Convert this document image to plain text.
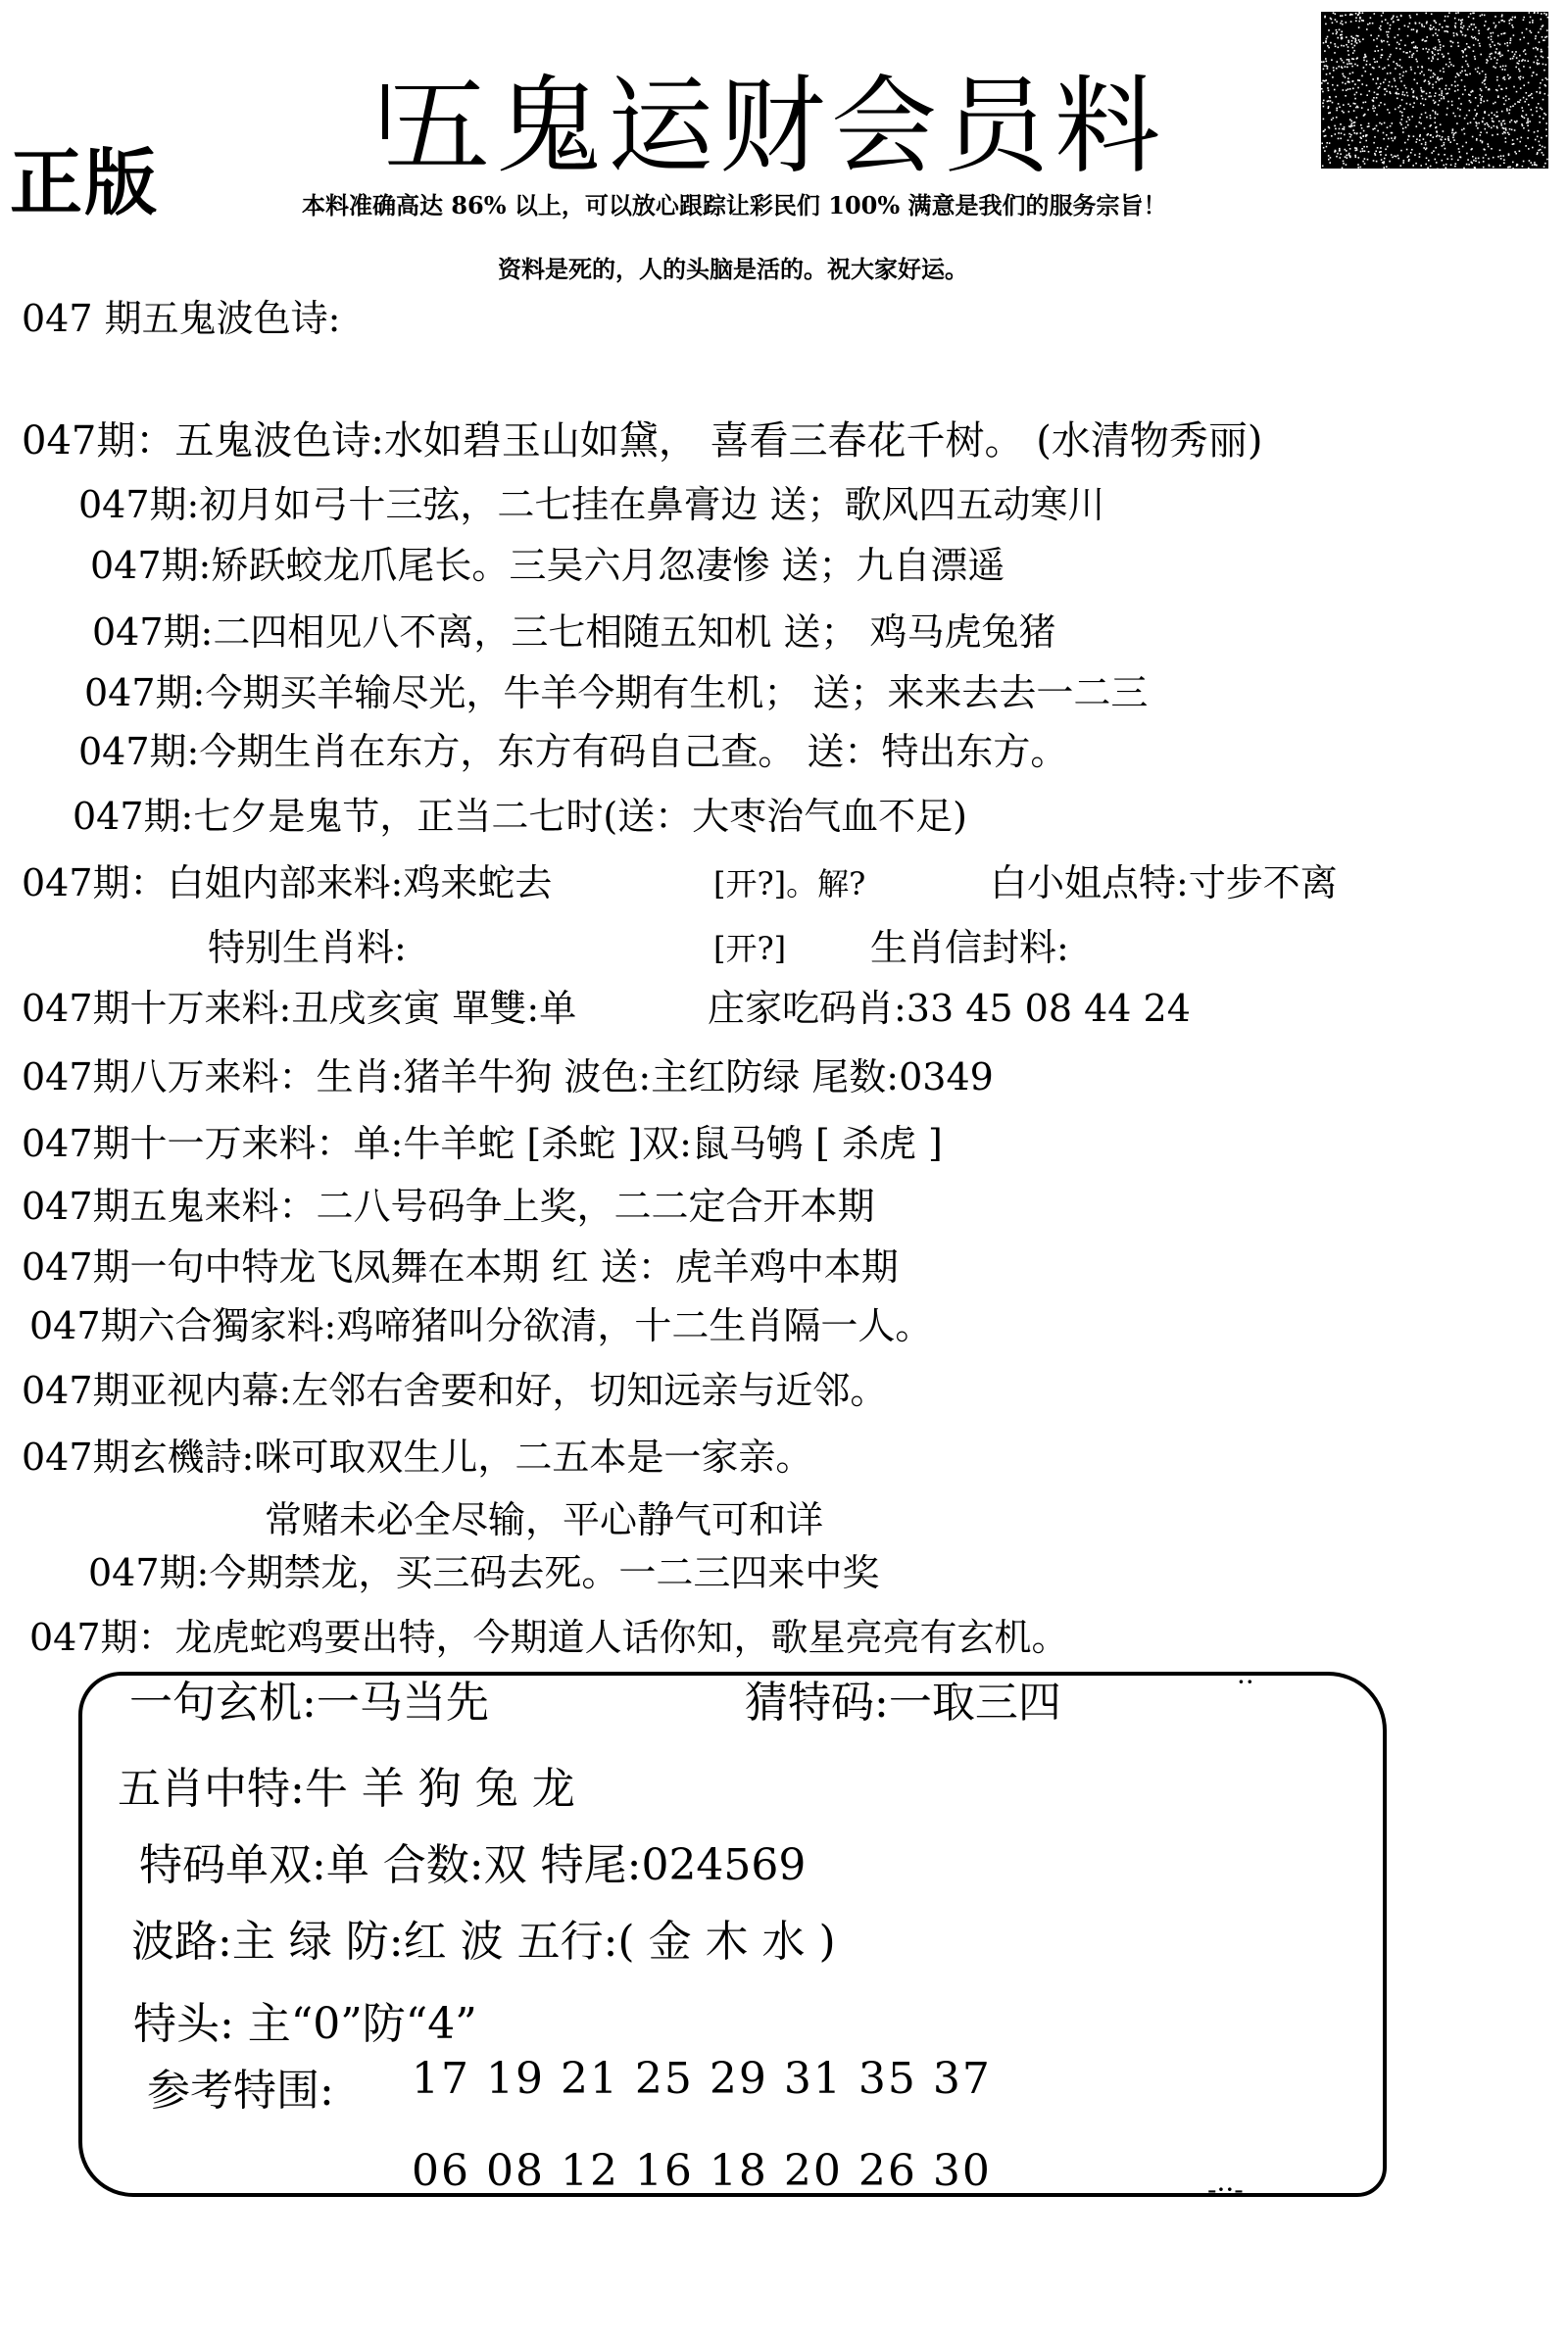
正版 五鬼运财会员料
本料准确高达 86% 以上，可以放心跟踪让彩民们 100% 满意是我们的服务宗旨！
资料是死的，人的头脑是活的。祝大家好运。
047 期五鬼波色诗:
047期：五鬼波色诗:水如碧玉山如黛， 喜看三春花千树。 (水清物秀丽)
047期:初月如弓十三弦，二七挂在鼻膏边 送；歌风四五动寒川
047期:矫跃蛟龙爪尾长。三吴六月忽凄惨 送；九自漂遥
047期:二四相见八不离，三七相随五知机 送； 鸡马虎兔猪
047期:今期买羊输尽光，牛羊今期有生机； 送；来来去去一二三
047期:今期生肖在东方，东方有码自己查。 送：特出东方。
047期:七夕是鬼节，正当二七时(送：大枣治气血不足)
047期：白姐内部来料:鸡来蛇去	[开?]。解?	白小姐点特:寸步不离
特别生肖料:	[开?] 生肖信封料:
047期十万来料:丑戌亥寅 單雙:单	庄家吃码肖:33 45 08 44 24
047期八万来料：生肖:猪羊牛狗 波色:主红防绿 尾数:0349
047期十一万来料：单:牛羊蛇 [杀蛇 ]双:鼠马鸲 [ 杀虎 ]
047期五鬼来料：二八号码争上奖，二二定合开本期
047期一句中特龙飞凤舞在本期 红 送：虎羊鸡中本期
047期六合獨家料:鸡啼猪叫分欲清，十二生肖隔一人。
047期亚视内幕:左邻右舍要和好，切知远亲与近邻。
047期玄機詩:咪可取双生儿，二五本是一家亲。
常赌未必全尽输，平心静气可和详
047期:今期禁龙，买三码去死。一二三四来中奖
047期：龙虎蛇鸡要出特，今期道人话你知，歌星亮亮有玄机。
一句玄机:一马当先	猜特码:一取三四
五肖中特:牛 羊 狗 兔 龙
特码单双:单 合数:双 特尾:024569
波路:主 绿 防:红 波 五行:( 金 木 水 )
特头: 主“0”防“4”
参考特围: 17 19 21 25 29 31 35 37
06 08 12 16 18 20 26 30
··
-··-
